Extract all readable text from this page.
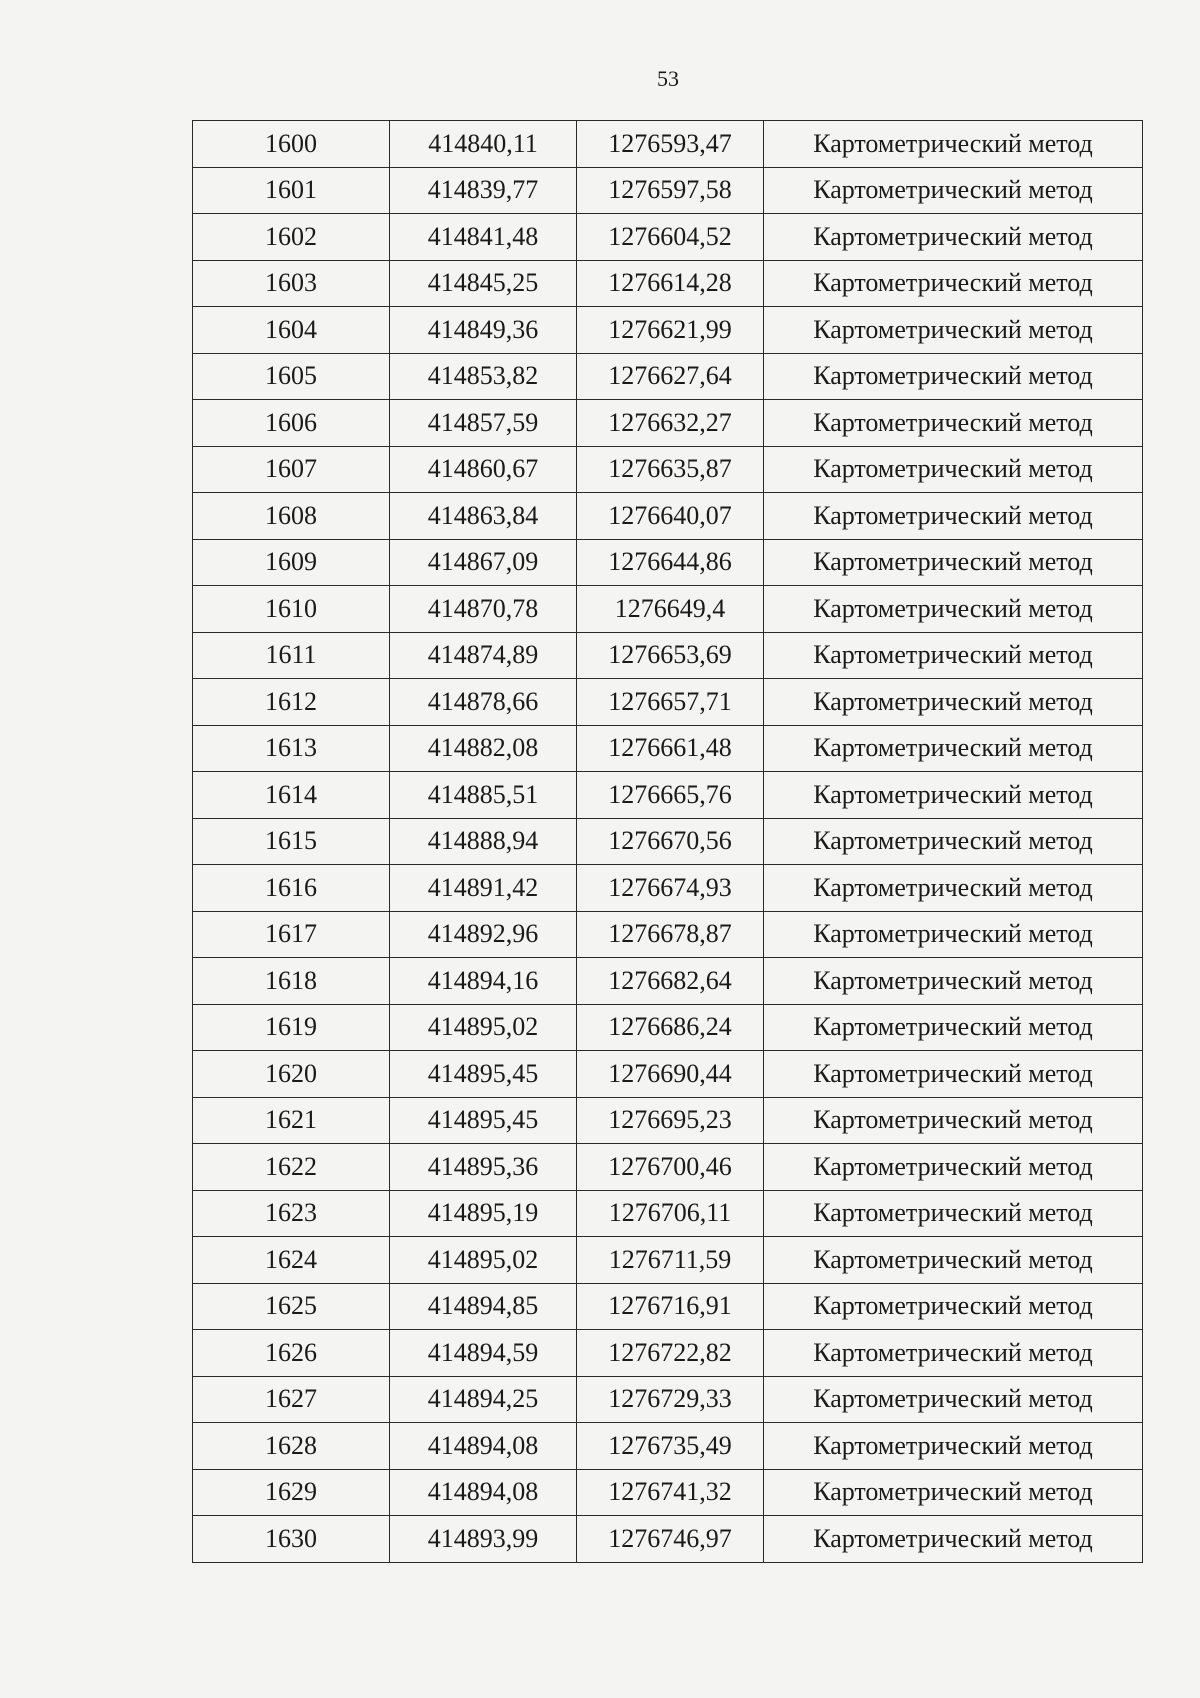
53
1600	414840,11	1276593,47	Картометрический метод
1601	414839,77	1276597,58	Картометрический метод
1602	414841,48	1276604,52	Картометрический метод
1603	414845,25	1276614,28	Картометрический метод
1604	414849,36	1276621,99	Картометрический метод
1605	414853,82	1276627,64	Картометрический метод
1606	414857,59	1276632,27	Картометрический метод
1607	414860,67	1276635,87	Картометрический метод
1608	414863,84	1276640,07	Картометрический метод
1609	414867,09	1276644,86	Картометрический метод
1610	414870,78	1276649,4	Картометрический метод
1611	414874,89	1276653,69	Картометрический метод
1612	414878,66	1276657,71	Картометрический метод
1613	414882,08	1276661,48	Картометрический метод
1614	414885,51	1276665,76	Картометрический метод
1615	414888,94	1276670,56	Картометрический метод
1616	414891,42	1276674,93	Картометрический метод
1617	414892,96	1276678,87	Картометрический метод
1618	414894,16	1276682,64	Картометрический метод
1619	414895,02	1276686,24	Картометрический метод
1620	414895,45	1276690,44	Картометрический метод
1621	414895,45	1276695,23	Картометрический метод
1622	414895,36	1276700,46	Картометрический метод
1623	414895,19	1276706,11	Картометрический метод
1624	414895,02	1276711,59	Картометрический метод
1625	414894,85	1276716,91	Картометрический метод
1626	414894,59	1276722,82	Картометрический метод
1627	414894,25	1276729,33	Картометрический метод
1628	414894,08	1276735,49	Картометрический метод
1629	414894,08	1276741,32	Картометрический метод
1630	414893,99	1276746,97	Картометрический метод
